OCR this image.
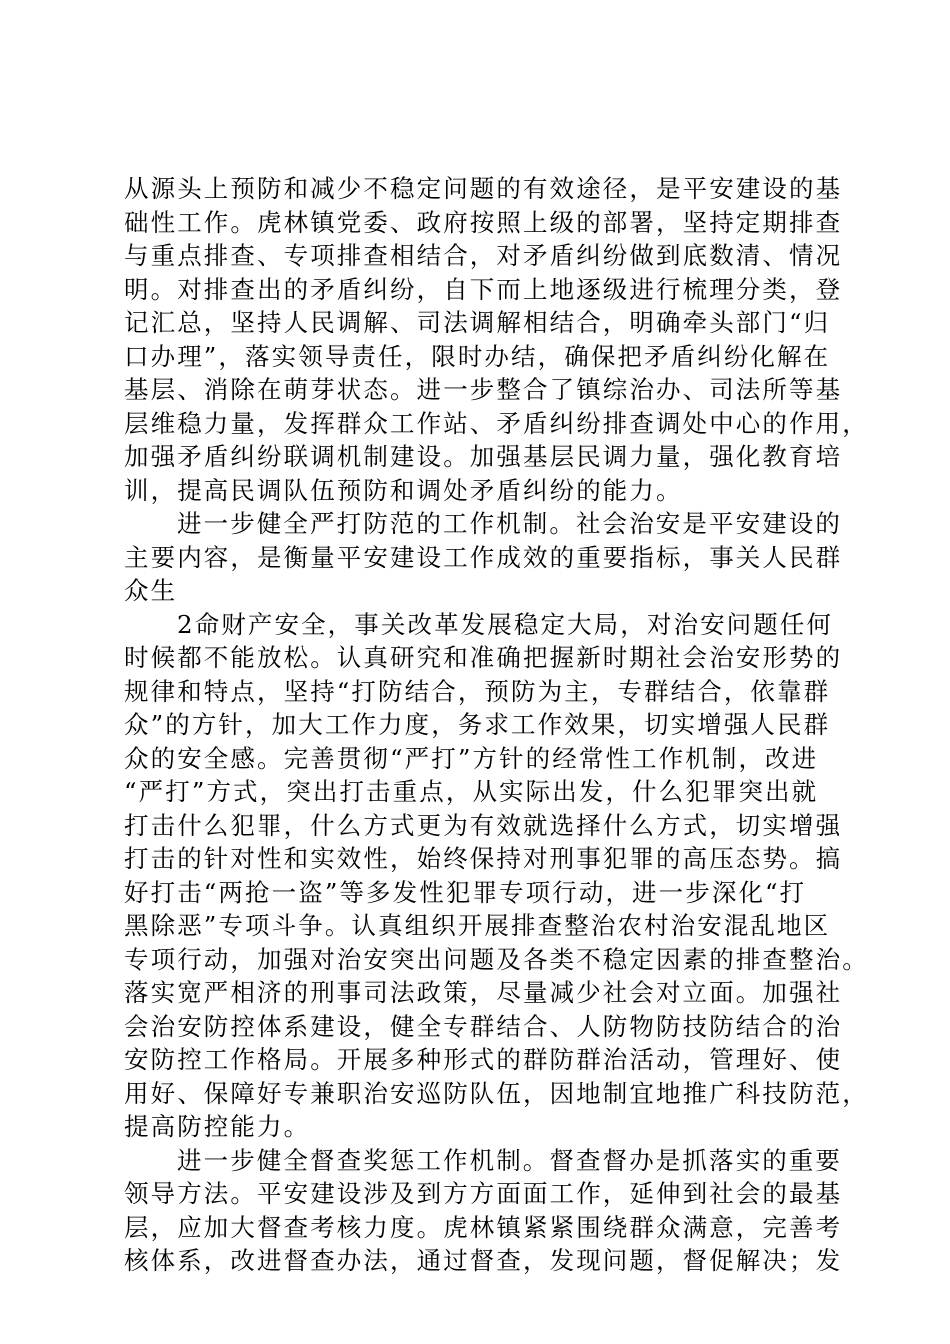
从源头上预防和减少不稳定问题的有效途径，是平安建设的基
础性工作。虎林镇党委、政府按照上级的部署，坚持定期排查
与重点排查、专项排查相结合，对矛盾纠纷做到底数清、情况
明。对排查出的矛盾纠纷，自下而上地逐级进行梳理分类，登
记汇总，坚持人民调解、司法调解相结合，明确牵头部门“归
口办理”，落实领导责任，限时办结，确保把矛盾纠纷化解在
基层、消除在萌芽状态。进一步整合了镇综治办、司法所等基
层维稳力量，发挥群众工作站、矛盾纠纷排查调处中心的作用，
加强矛盾纠纷联调机制建设。加强基层民调力量，强化教育培
训，提高民调队伍预防和调处矛盾纠纷的能力。
进一步健全严打防范的工作机制。社会治安是平安建设的
主要内容，是衡量平安建设工作成效的重要指标，事关人民群
众生
2命财产安全，事关改革发展稳定大局，对治安问题任何
时候都不能放松。认真研究和准确把握新时期社会治安形势的
规律和特点，坚持“打防结合，预防为主，专群结合，依靠群
众”的方针，加大工作力度，务求工作效果，切实增强人民群
众的安全感。完善贯彻“严打”方针的经常性工作机制，改进
“严打”方式，突出打击重点，从实际出发，什么犯罪突出就
打击什么犯罪，什么方式更为有效就选择什么方式，切实增强
打击的针对性和实效性，始终保持对刑事犯罪的高压态势。搞
好打击“两抢一盗”等多发性犯罪专项行动，进一步深化“打
黑除恶”专项斗争。认真组织开展排查整治农村治安混乱地区
专项行动，加强对治安突出问题及各类不稳定因素的排查整治。
落实宽严相济的刑事司法政策，尽量减少社会对立面。加强社
会治安防控体系建设，健全专群结合、人防物防技防结合的治
安防控工作格局。开展多种形式的群防群治活动，管理好、使
用好、保障好专兼职治安巡防队伍，因地制宜地推广科技防范，
提高防控能力。
进一步健全督查奖惩工作机制。督查督办是抓落实的重要
领导方法。平安建设涉及到方方面面工作，延伸到社会的最基
层，应加大督查考核力度。虎林镇紧紧围绕群众满意，完善考
核体系，改进督查办法，通过督查，发现问题，督促解决；发
